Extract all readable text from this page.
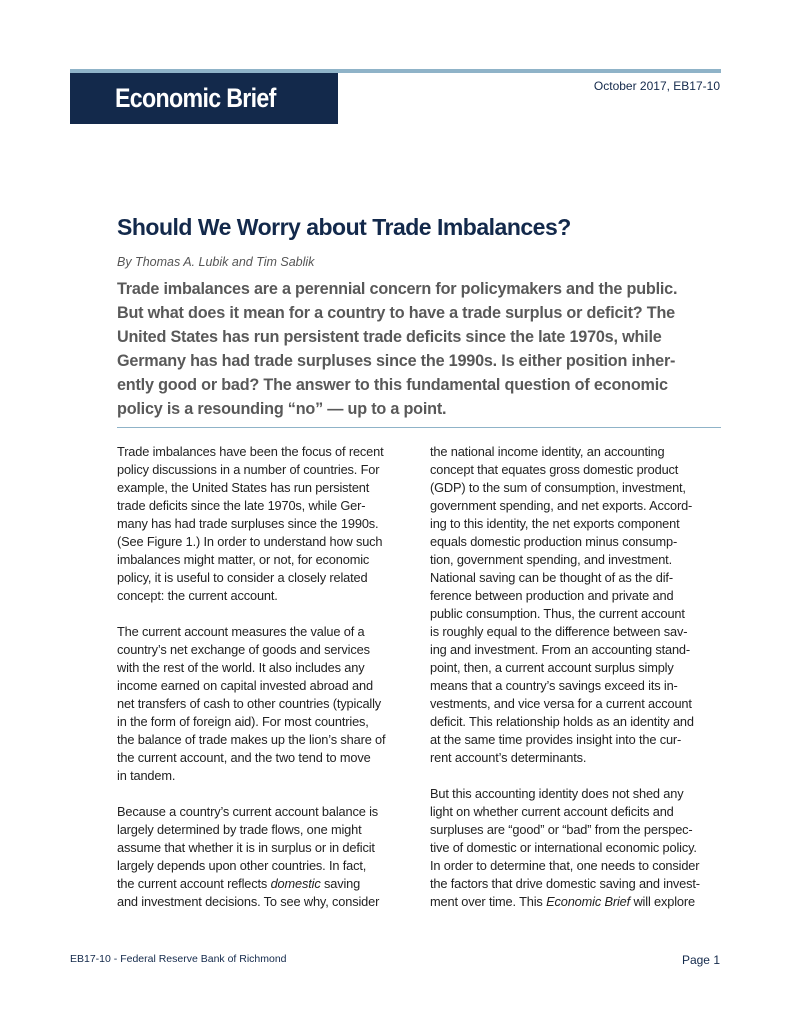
Economic Brief	October 2017, EB17-10
Should We Worry about Trade Imbalances?
By Thomas A. Lubik and Tim Sablik
Trade imbalances are a perennial concern for policymakers and the public.
But what does it mean for a country to have a trade surplus or deficit? The
United States has run persistent trade deficits since the late 1970s, while
Germany has had trade surpluses since the 1990s. Is either position inher-
ently good or bad? The answer to this fundamental question of economic
policy is a resounding “no” — up to a point.
Trade imbalances have been the focus of recent
policy discussions in a number of countries. For
example, the United States has run persistent
trade deficits since the late 1970s, while Ger-
many has had trade surpluses since the 1990s.
(See Figure 1.) In order to understand how such
imbalances might matter, or not, for economic
policy, it is useful to consider a closely related
concept: the current account.
The current account measures the value of a
country’s net exchange of goods and services
with the rest of the world. It also includes any
income earned on capital invested abroad and
net transfers of cash to other countries (typically
in the form of foreign aid). For most countries,
the balance of trade makes up the lion’s share of
the current account, and the two tend to move
in tandem.
Because a country’s current account balance is
largely determined by trade flows, one might
assume that whether it is in surplus or in deficit
largely depends upon other countries. In fact,
the current account reflects domestic saving
and investment decisions. To see why, consider
the national income identity, an accounting
concept that equates gross domestic product
(GDP) to the sum of consumption, investment,
government spending, and net exports. Accord-
ing to this identity, the net exports component
equals domestic production minus consump-
tion, government spending, and investment.
National saving can be thought of as the dif-
ference between production and private and
public consumption. Thus, the current account
is roughly equal to the difference between sav-
ing and investment. From an accounting stand-
point, then, a current account surplus simply
means that a country’s savings exceed its in-
vestments, and vice versa for a current account
deficit. This relationship holds as an identity and
at the same time provides insight into the cur-
rent account’s determinants.
But this accounting identity does not shed any
light on whether current account deficits and
surpluses are “good” or “bad” from the perspec-
tive of domestic or international economic policy.
In order to determine that, one needs to consider
the factors that drive domestic saving and invest-
ment over time. This Economic Brief will explore
EB17-10 - Federal Reserve Bank of Richmond	Page 1
